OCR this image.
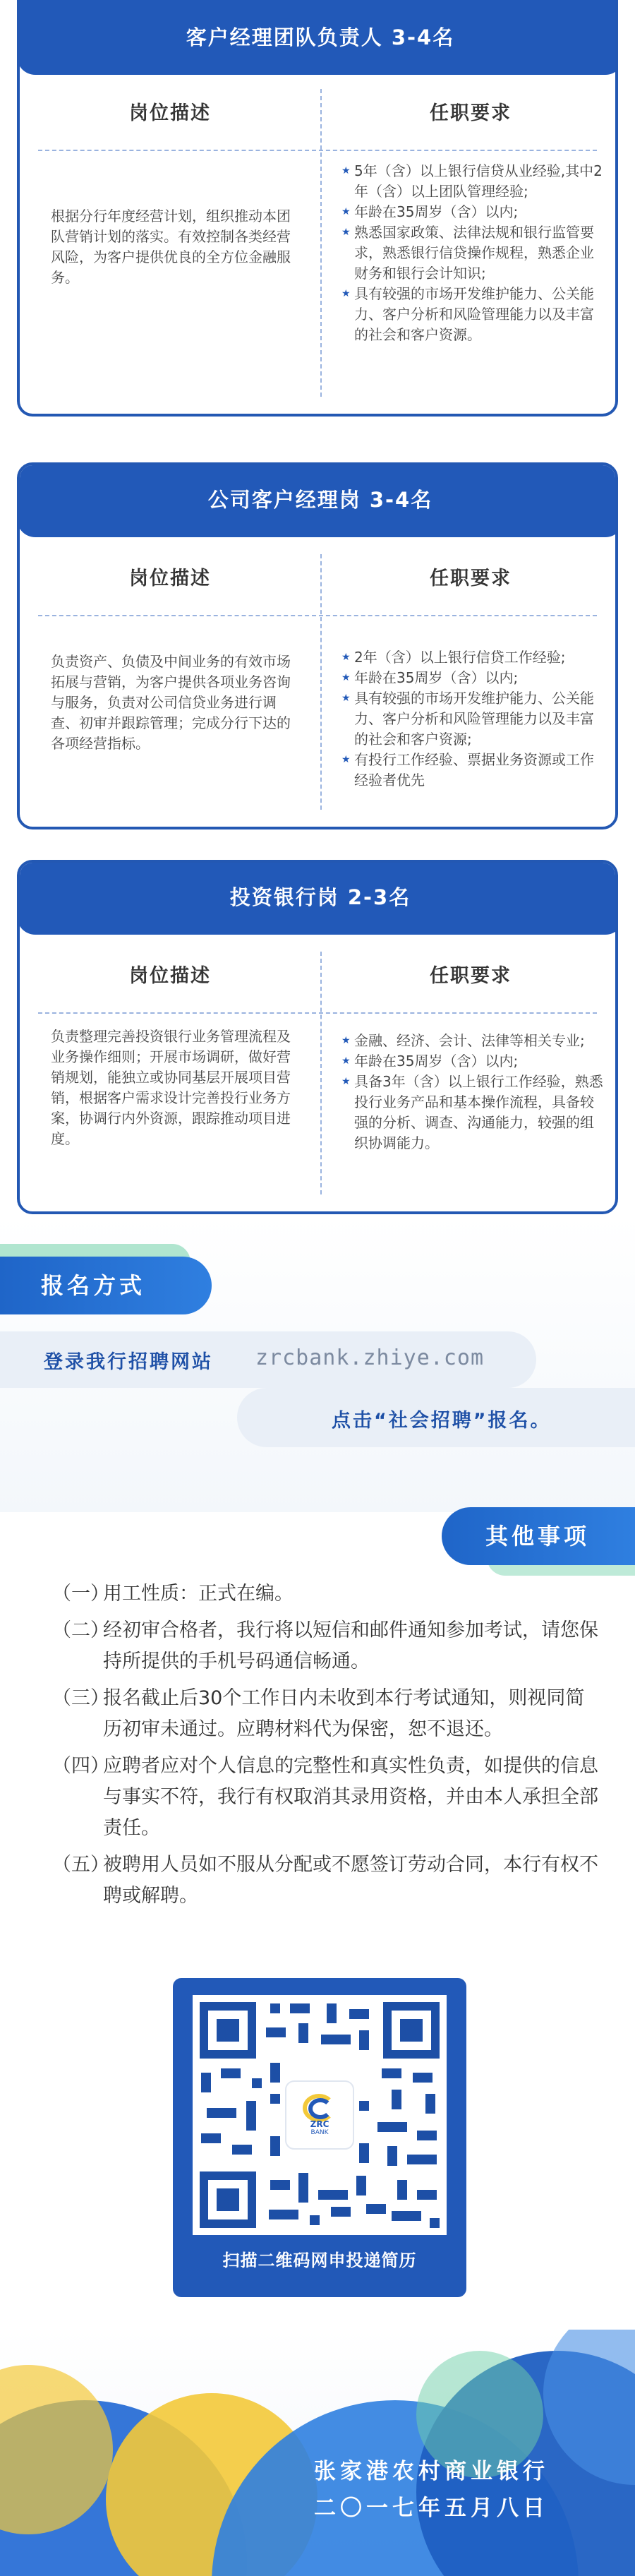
客户经理团队负责人 3-4名
岗位描述	任职要求
根据分行年度经营计划，组织推动本团队营销计划的落实。有效控制各类经营风险，为客户提供优良的全方位金融服务。
★ 5年（含）以上银行信贷从业经验,其中2年（含）以上团队管理经验;
★ 年龄在35周岁（含）以内;
★ 熟悉国家政策、法律法规和银行监管要求，熟悉银行信贷操作规程，熟悉企业财务和银行会计知识;
★ 具有较强的市场开发维护能力、公关能力、客户分析和风险管理能力以及丰富的社会和客户资源。
公司客户经理岗 3-4名
岗位描述	任职要求
负责资产、负债及中间业务的有效市场拓展与营销，为客户提供各项业务咨询与服务，负责对公司信贷业务进行调查、初审并跟踪管理；完成分行下达的各项经营指标。
★ 2年（含）以上银行信贷工作经验;
★ 年龄在35周岁（含）以内;
★ 具有较强的市场开发维护能力、公关能力、客户分析和风险管理能力以及丰富的社会和客户资源;
★ 有投行工作经验、票据业务资源或工作经验者优先
投资银行岗 2-3名
岗位描述	任职要求
负责整理完善投资银行业务管理流程及业务操作细则；开展市场调研，做好营销规划，能独立或协同基层开展项目营销，根据客户需求设计完善投行业务方案，协调行内外资源，跟踪推动项目进度。
★ 金融、经济、会计、法律等相关专业;
★ 年龄在35周岁（含）以内;
★ 具备3年（含）以上银行工作经验，熟悉投行业务产品和基本操作流程，具备较强的分析、调查、沟通能力，较强的组织协调能力。
报名方式
登录我行招聘网站 zrcbank.zhiye.com
点击“社会招聘”报名。
其他事项
（一）
用工性质：正式在编。
（二）
经初审合格者，我行将以短信和邮件通知参加考试，请您保持所提供的手机号码通信畅通。
（三）
报名截止后30个工作日内未收到本行考试通知，则视同简历初审未通过。应聘材料代为保密，恕不退还。
（四）
应聘者应对个人信息的完整性和真实性负责，如提供的信息与事实不符，我行有权取消其录用资格，并由本人承担全部责任。
（五）
被聘用人员如不服从分配或不愿签订劳动合同，本行有权不聘或解聘。
ZRC
BANK
扫描二维码网申投递简历
张家港农村商业银行
二〇一七年五月八日
